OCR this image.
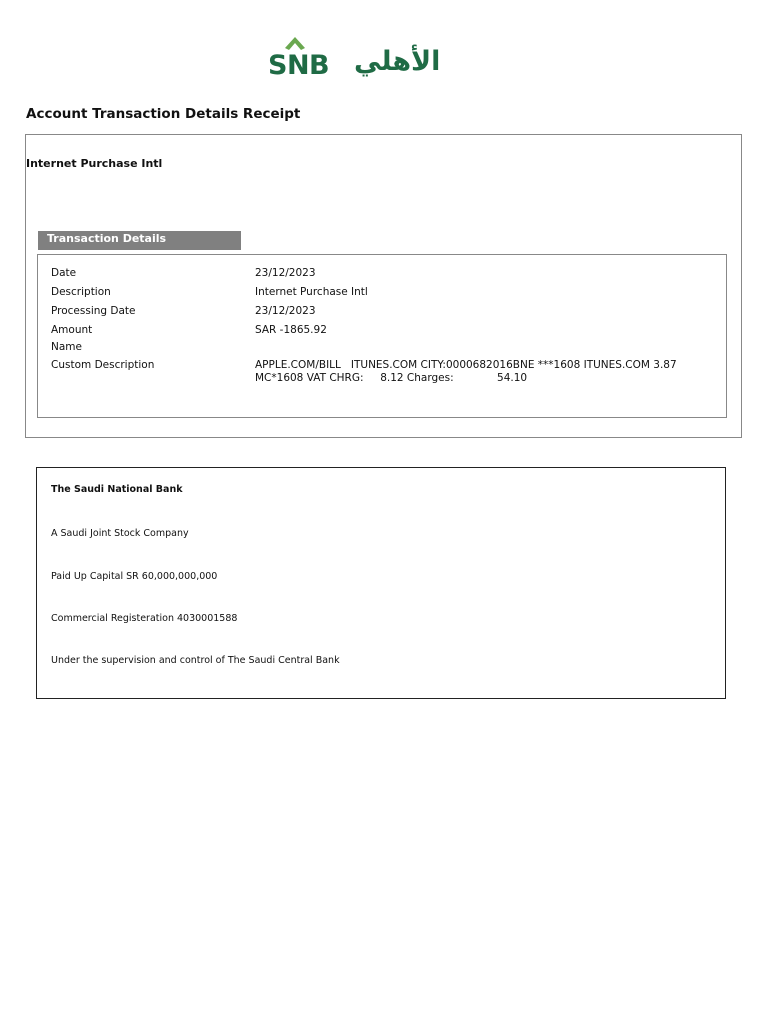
SNB الأهلي
Account Transaction Details Receipt
Internet Purchase Intl
Transaction Details
Date	23/12/2023
Description	Internet Purchase Intl
Processing Date	23/12/2023
Amount	SAR -1865.92
Name
Custom Description	APPLE.COM/BILL   ITUNES.COM CITY:0000682016BNE ***1608 ITUNES.COM 3.87
MC*1608 VAT CHRG:     8.12 Charges:             54.10
The Saudi National Bank
A Saudi Joint Stock Company
Paid Up Capital SR 60,000,000,000
Commercial Registeration 4030001588
Under the supervision and control of The Saudi Central Bank
